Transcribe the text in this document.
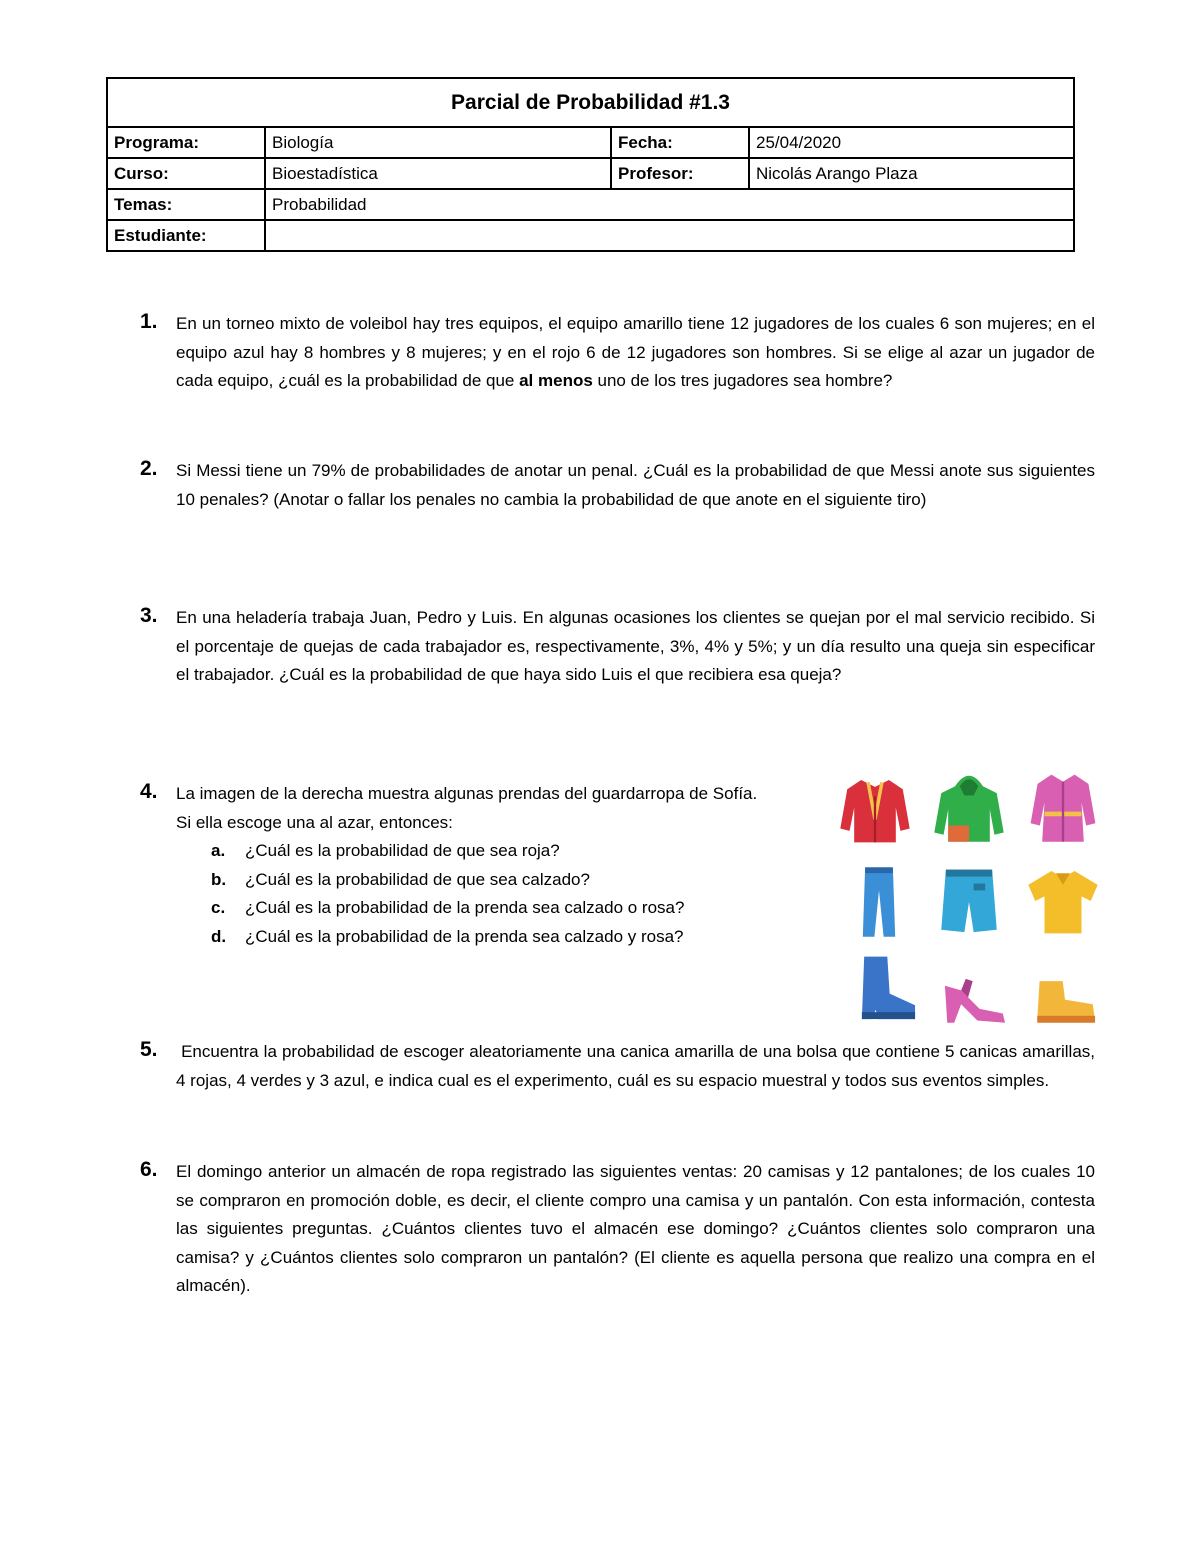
Parcial de Probabilidad #1.3			
Programa:	Biología	Fecha:	25/04/2020
Curso:	Bioestadística	Profesor:	Nicolás Arango Plaza
Temas:	Probabilidad		
Estudiante:			
1. En un torneo mixto de voleibol hay tres equipos, el equipo amarillo tiene 12 jugadores de los cuales 6 son mujeres; en el equipo azul hay 8 hombres y 8 mujeres; y en el rojo 6 de 12 jugadores son hombres. Si se elige al azar un jugador de cada equipo, ¿cuál es la probabilidad de que al menos uno de los tres jugadores sea hombre?
2. Si Messi tiene un 79% de probabilidades de anotar un penal. ¿Cuál es la probabilidad de que Messi anote sus siguientes 10 penales? (Anotar o fallar los penales no cambia la probabilidad de que anote en el siguiente tiro)
3. En una heladería trabaja Juan, Pedro y Luis. En algunas ocasiones los clientes se quejan por el mal servicio recibido. Si el porcentaje de quejas de cada trabajador es, respectivamente, 3%, 4% y 5%; y un día resulto una queja sin especificar el trabajador. ¿Cuál es la probabilidad de que haya sido Luis el que recibiera esa queja?
4. La imagen de la derecha muestra algunas prendas del guardarropa de Sofía.
Si ella escoge una al azar, entonces:
a. ¿Cuál es la probabilidad de que sea roja?
b. ¿Cuál es la probabilidad de que sea calzado?
c. ¿Cuál es la probabilidad de la prenda sea calzado o rosa?
d. ¿Cuál es la probabilidad de la prenda sea calzado y rosa?
5. Encuentra la probabilidad de escoger aleatoriamente una canica amarilla de una bolsa que contiene 5 canicas amarillas, 4 rojas, 4 verdes y 3 azul, e indica cual es el experimento, cuál es su espacio muestral y todos sus eventos simples.
6. El domingo anterior un almacén de ropa registrado las siguientes ventas: 20 camisas y 12 pantalones; de los cuales 10 se compraron en promoción doble, es decir, el cliente compro una camisa y un pantalón. Con esta información, contesta las siguientes preguntas. ¿Cuántos clientes tuvo el almacén ese domingo? ¿Cuántos clientes solo compraron una camisa? y ¿Cuántos clientes solo compraron un pantalón? (El cliente es aquella persona que realizo una compra en el almacén).
